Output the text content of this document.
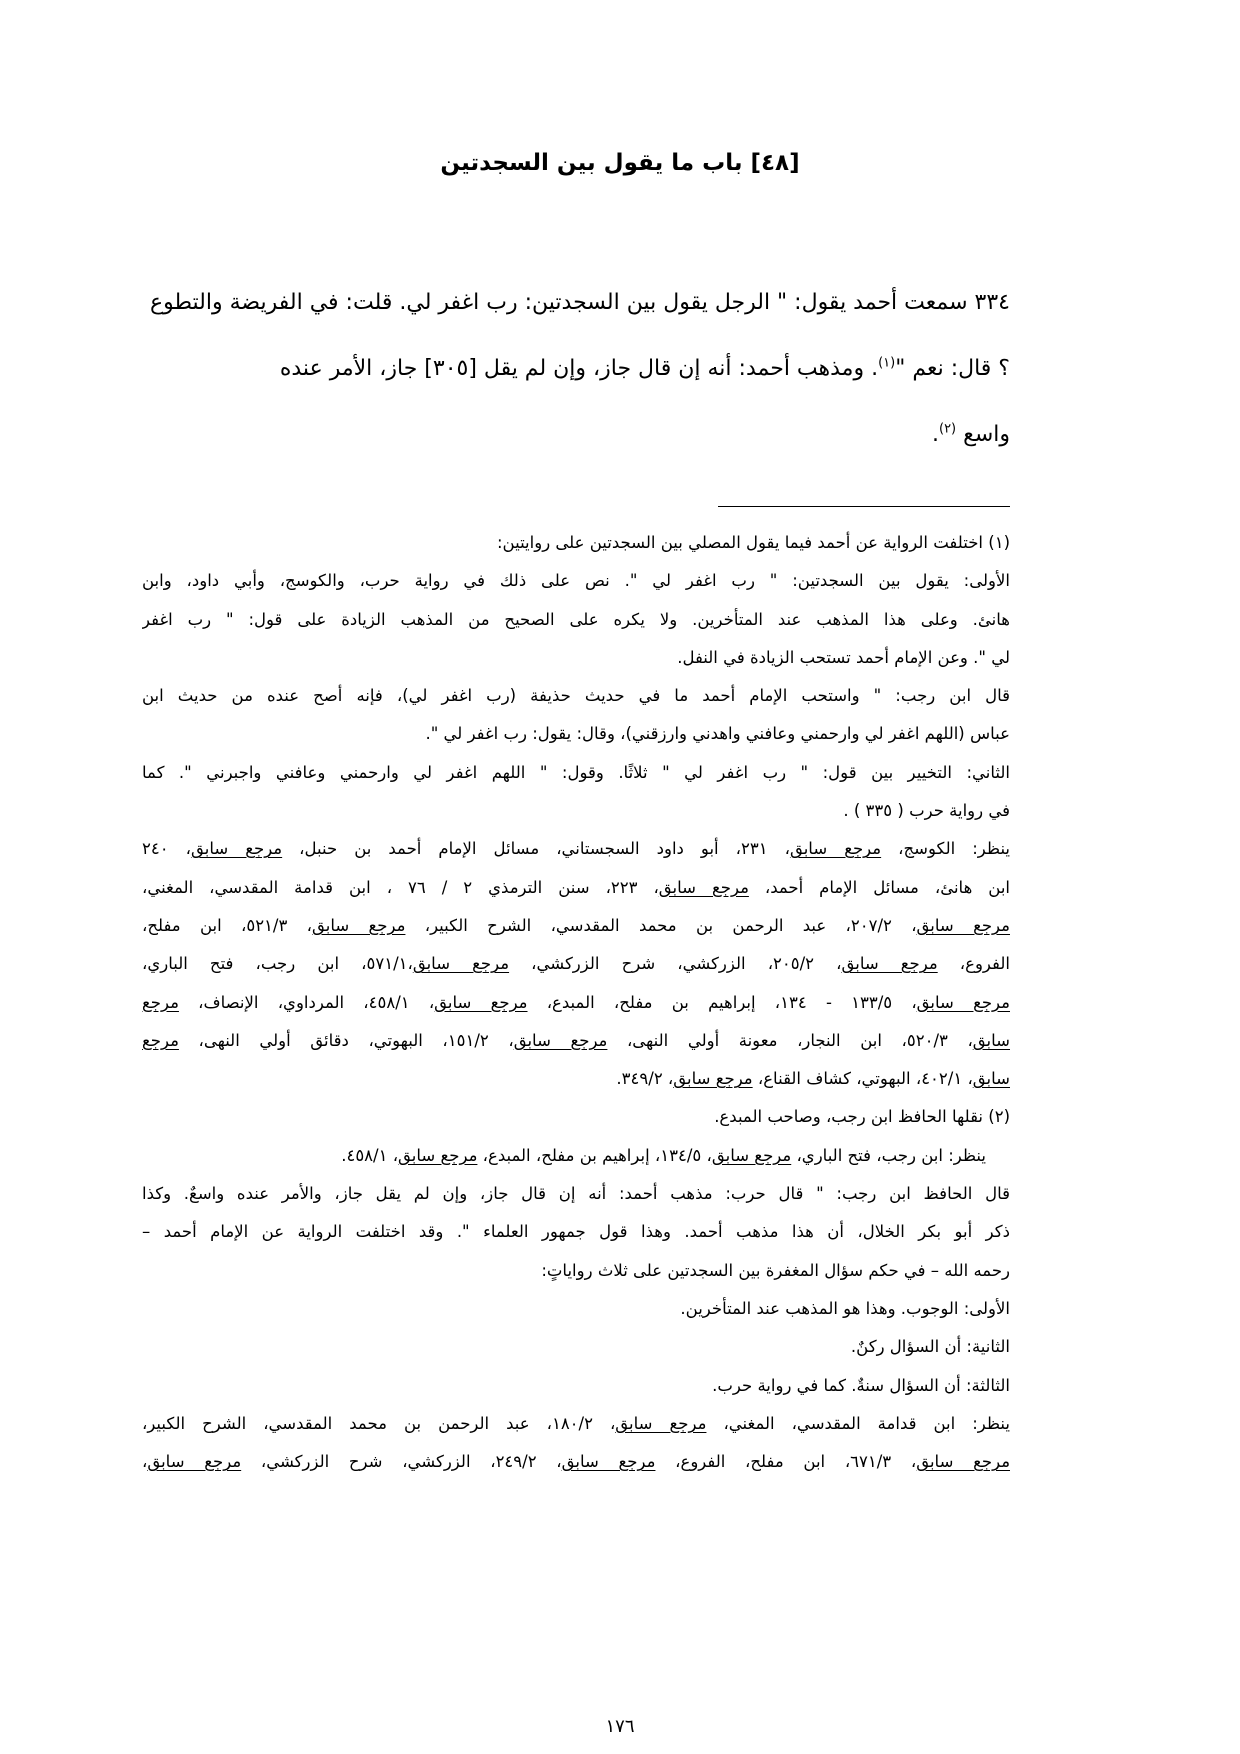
[٤٨] باب ما يقول بين السجدتين
٣٣٤ سمعت أحمد يقول: " الرجل يقول بين السجدتين: رب اغفر لي. قلت: في الفريضة والتطوع ؟ قال: نعم "$^{(١)}$. ومذهب أحمد: أنه إن قال جاز، وإن لم يقل [٣٠٥] جاز، الأمر عنده
واسع $^{(٢)}$.
(١) اختلفت الرواية عن أحمد فيما يقول المصلي بين السجدتين على روايتين:
الأولى: يقول بين السجدتين: " رب اغفر لي ". نص على ذلك في رواية حرب، والكوسج، وأبي داود، وابن
هانئ. وعلى هذا المذهب عند المتأخرين. ولا يكره على الصحيح من المذهب الزيادة على قول: " رب اغفر
لي ". وعن الإمام أحمد تستحب الزيادة في النفل.
قال ابن رجب: " واستحب الإمام أحمد ما في حديث حذيفة (رب اغفر لي)، فإنه أصح عنده من حديث ابن
عباس (اللهم اغفر لي وارحمني وعافني واهدني وارزقني)، وقال: يقول: رب اغفر لي ".
الثاني: التخيير بين قول: " رب اغفر لي " ثلاثًا. وقول: " اللهم اغفر لي وارحمني وعافني واجبرني ". كما
في رواية حرب ( ٣٣٥ ) .
ينظر: الكوسج، مرجع سابق، ٢٣١، أبو داود السجستاني، مسائل الإمام أحمد بن حنبل، مرجع سابق، ٢٤٠
ابن هانئ، مسائل الإمام أحمد، مرجع سابق، ٢٢٣، سنن الترمذي ٢ / ٧٦ ، ابن قدامة المقدسي، المغني،
مرجع سابق، ٢٠٧/٢، عبد الرحمن بن محمد المقدسي، الشرح الكبير، مرجع سابق، ٥٢١/٣، ابن مفلح،
الفروع، مرجع سابق، ٢٠٥/٢، الزركشي، شرح الزركشي، مرجع سابق،٥٧١/١، ابن رجب، فتح الباري،
مرجع سابق، ١٣٣/٥ - ١٣٤، إبراهيم بن مفلح، المبدع، مرجع سابق، ٤٥٨/١، المرداوي، الإنصاف، مرجع
سابق، ٥٢٠/٣، ابن النجار، معونة أولي النهى، مرجع سابق، ١٥١/٢، البهوتي، دقائق أولي النهى، مرجع
سابق، ٤٠٢/١، البهوتي، كشاف القناع، مرجع سابق، ٣٤٩/٢.
(٢) نقلها الحافظ ابن رجب، وصاحب المبدع.
ينظر: ابن رجب، فتح الباري، مرجع سابق، ١٣٤/٥، إبراهيم بن مفلح، المبدع، مرجع سابق، ٤٥٨/١.
قال الحافظ ابن رجب: " قال حرب: مذهب أحمد: أنه إن قال جاز، وإن لم يقل جاز، والأمر عنده واسعٌ. وكذا
ذكر أبو بكر الخلال، أن هذا مذهب أحمد. وهذا قول جمهور العلماء ". وقد اختلفت الرواية عن الإمام أحمد –
رحمه الله – في حكم سؤال المغفرة بين السجدتين على ثلاث رواياتٍ:
الأولى: الوجوب. وهذا هو المذهب عند المتأخرين.
الثانية: أن السؤال ركنٌ.
الثالثة: أن السؤال سنةٌ. كما في رواية حرب.
ينظر: ابن قدامة المقدسي، المغني، مرجع سابق، ١٨٠/٢، عبد الرحمن بن محمد المقدسي، الشرح الكبير،
مرجع سابق، ٦٧١/٣، ابن مفلح، الفروع، مرجع سابق، ٢٤٩/٢، الزركشي، شرح الزركشي، مرجع سابق،
١٧٦
